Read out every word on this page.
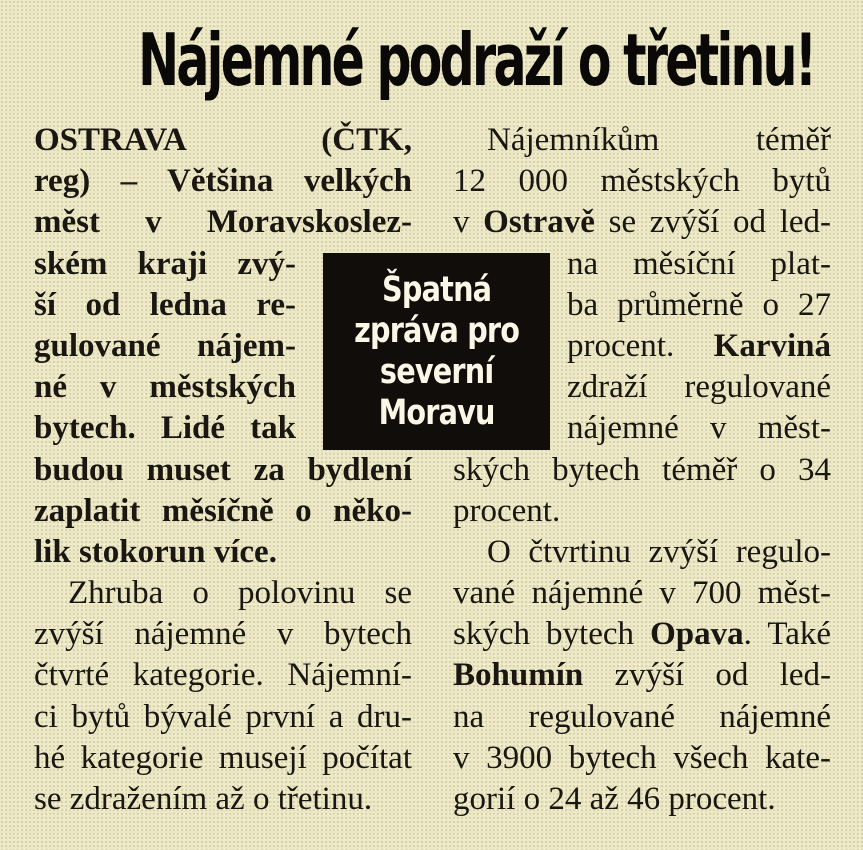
Nájemné podraží o třetinu!
OSTRAVA (ČTK,
reg) – Většina velkých
měst v Moravskoslez-
ském kraji zvý-
ší od ledna re-
gulované nájem-
né v městských
bytech. Lidé tak
budou muset za bydlení
zaplatit měsíčně o něko-
lik stokorun více.
Zhruba o polovinu se
zvýší nájemné v bytech
čtvrté kategorie. Nájemní-
ci bytů bývalé první a dru-
hé kategorie musejí počítat
se zdražením až o třetinu.
Nájemníkům téměř
12 000 městských bytů
v Ostravě se zvýší od led-
na měsíční plat-
ba průměrně o 27
procent. Karviná
zdraží regulované
nájemné v měst-
ských bytech téměř o 34
procent.
O čtvrtinu zvýší regulo-
vané nájemné v 700 měst-
ských bytech Opava. Také
Bohumín zvýší od led-
na regulované nájemné
v 3900 bytech všech kate-
gorií o 24 až 46 procent.
Špatná
zpráva pro
severní
Moravu
